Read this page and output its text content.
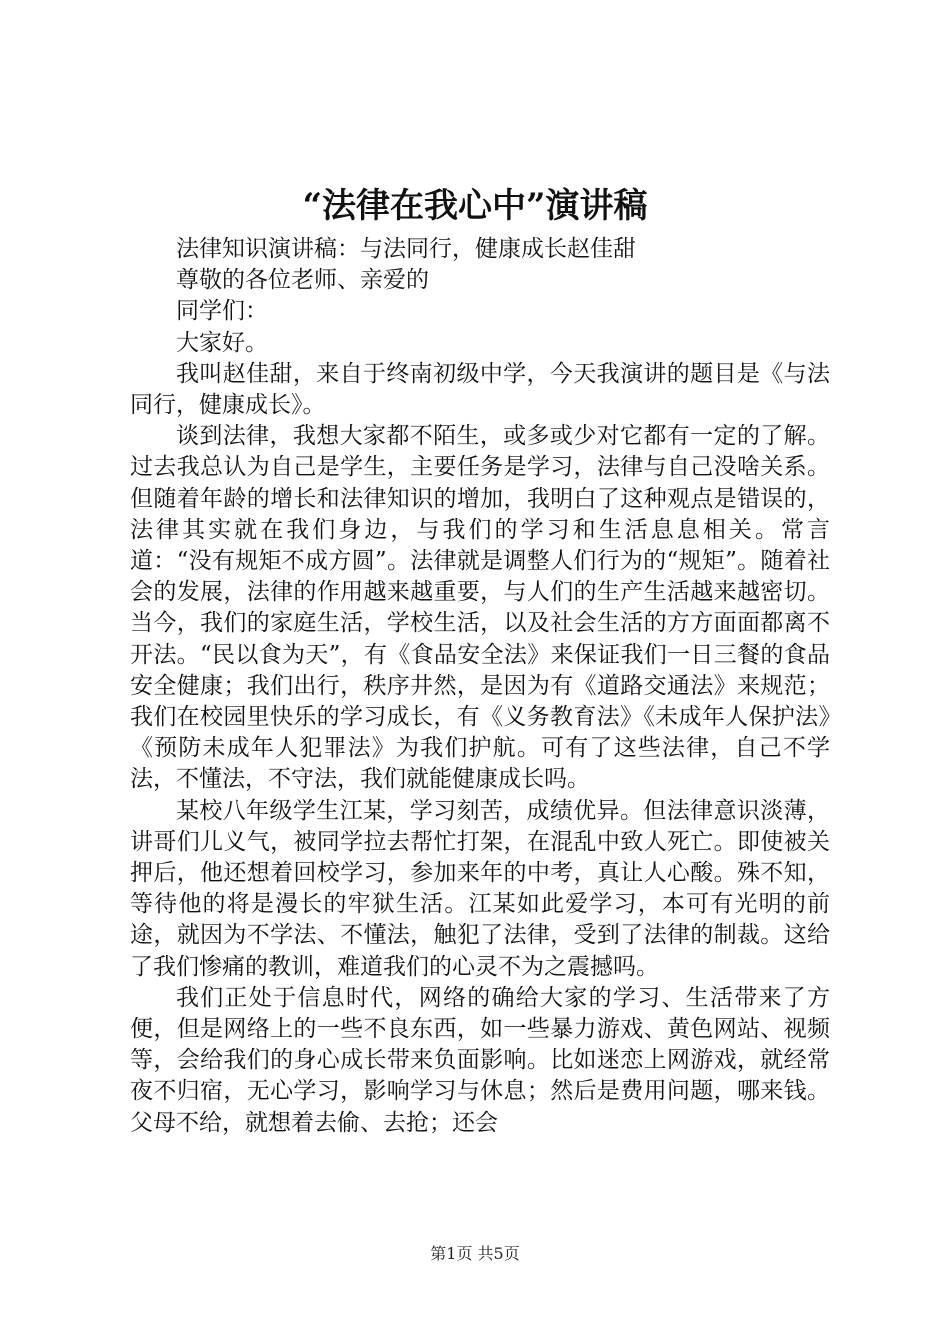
“法律在我心中”演讲稿

法律知识演讲稿：与法同行，健康成长赵佳甜

尊敬的各位老师、亲爱的

同学们：

大家好。

我叫赵佳甜，来自于终南初级中学，今天我演讲的题目是《与法同行，健康成长》。

谈到法律，我想大家都不陌生，或多或少对它都有一定的了解。过去我总认为自己是学生，主要任务是学习，法律与自己没啥关系。但随着年龄的增长和法律知识的增加，我明白了这种观点是错误的，法律其实就在我们身边，与我们的学习和生活息息相关。常言道：“没有规矩不成方圆”。法律就是调整人们行为的“规矩”。随着社会的发展，法律的作用越来越重要，与人们的生产生活越来越密切。当今，我们的家庭生活，学校生活，以及社会生活的方方面面都离不开法。“民以食为天”，有《食品安全法》来保证我们一日三餐的食品安全健康；我们出行，秩序井然，是因为有《道路交通法》来规范；我们在校园里快乐的学习成长，有《义务教育法》《未成年人保护法》《预防未成年人犯罪法》为我们护航。可有了这些法律，自己不学法，不懂法，不守法，我们就能健康成长吗。

某校八年级学生江某，学习刻苦，成绩优异。但法律意识淡薄，讲哥们儿义气，被同学拉去帮忙打架，在混乱中致人死亡。即使被关押后，他还想着回校学习，参加来年的中考，真让人心酸。殊不知，等待他的将是漫长的牢狱生活。江某如此爱学习，本可有光明的前途，就因为不学法、不懂法，触犯了法律，受到了法律的制裁。这给了我们惨痛的教训，难道我们的心灵不为之震撼吗。

我们正处于信息时代，网络的确给大家的学习、生活带来了方便，但是网络上的一些不良东西，如一些暴力游戏、黄色网站、视频等，会给我们的身心成长带来负面影响。比如迷恋上网游戏，就经常夜不归宿，无心学习，影响学习与休息；然后是费用问题，哪来钱。父母不给，就想着去偷、去抢；还会

第1页 共5页
